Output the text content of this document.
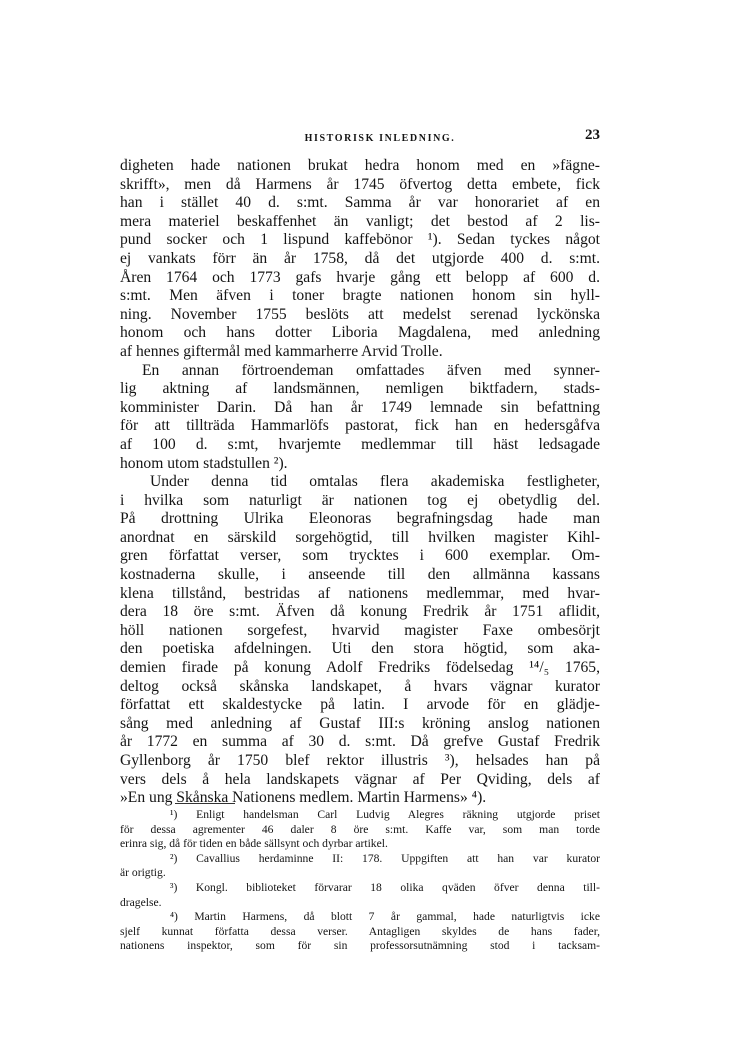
HISTORISK INLEDNING.	23
digheten hade nationen brukat hedra honom med en »fägne-
skrifft», men då Harmens år 1745 öfvertog detta embete, fick
han i stället 40 d. s:mt. Samma år var honorariet af en
mera materiel beskaffenhet än vanligt; det bestod af 2 lis-
pund socker och 1 lispund kaffebönor ¹). Sedan tyckes något
ej vankats förr än år 1758, då det utgjorde 400 d. s:mt.
Åren 1764 och 1773 gafs hvarje gång ett belopp af 600 d.
s:mt. Men äfven i toner bragte nationen honom sin hyll-
ning. November 1755 beslöts att medelst serenad lyckönska
honom och hans dotter Liboria Magdalena, med anledning
af hennes giftermål med kammarherre Arvid Trolle.
En annan förtroendeman omfattades äfven med synner-
lig aktning af landsmännen, nemligen biktfadern, stads-
komminister Darin. Då han år 1749 lemnade sin befattning
för att tillträda Hammarlöfs pastorat, fick han en hedersgåfva
af 100 d. s:mt, hvarjemte medlemmar till häst ledsagade
honom utom stadstullen ²).
Under denna tid omtalas flera akademiska festligheter,
i hvilka som naturligt är nationen tog ej obetydlig del.
På drottning Ulrika Eleonoras begrafningsdag hade man
anordnat en särskild sorgehögtid, till hvilken magister Kihl-
gren författat verser, som trycktes i 600 exemplar. Om-
kostnaderna skulle, i anseende till den allmänna kassans
klena tillstånd, bestridas af nationens medlemmar, med hvar-
dera 18 öre s:mt. Äfven då konung Fredrik år 1751 aflidit,
höll nationen sorgefest, hvarvid magister Faxe ombesörjt
den poetiska afdelningen. Uti den stora högtid, som aka-
demien firade på konung Adolf Fredriks födelsedag ¹⁴/₅ 1765,
deltog också skånska landskapet, å hvars vägnar kurator
författat ett skaldestycke på latin. I arvode för en glädje-
sång med anledning af Gustaf III:s kröning anslog nationen
år 1772 en summa af 30 d. s:mt. Då grefve Gustaf Fredrik
Gyllenborg år 1750 blef rektor illustris ³), helsades han på
vers dels å hela landskapets vägnar af Per Qviding, dels af
»En ung Skånska Nationens medlem. Martin Harmens» ⁴).
¹) Enligt handelsman Carl Ludvig Alegres räkning utgjorde priset
för dessa agrementer 46 daler 8 öre s:mt. Kaffe var, som man torde
erinra sig, då för tiden en både sällsynt och dyrbar artikel.
²) Cavallius herdaminne II: 178. Uppgiften att han var kurator
är origtig.
³) Kongl. biblioteket förvarar 18 olika qväden öfver denna till-
dragelse.
⁴) Martin Harmens, då blott 7 år gammal, hade naturligtvis icke
sjelf kunnat författa dessa verser. Antagligen skyldes de hans fader,
nationens inspektor, som för sin professorsutnämning stod i tacksam-
